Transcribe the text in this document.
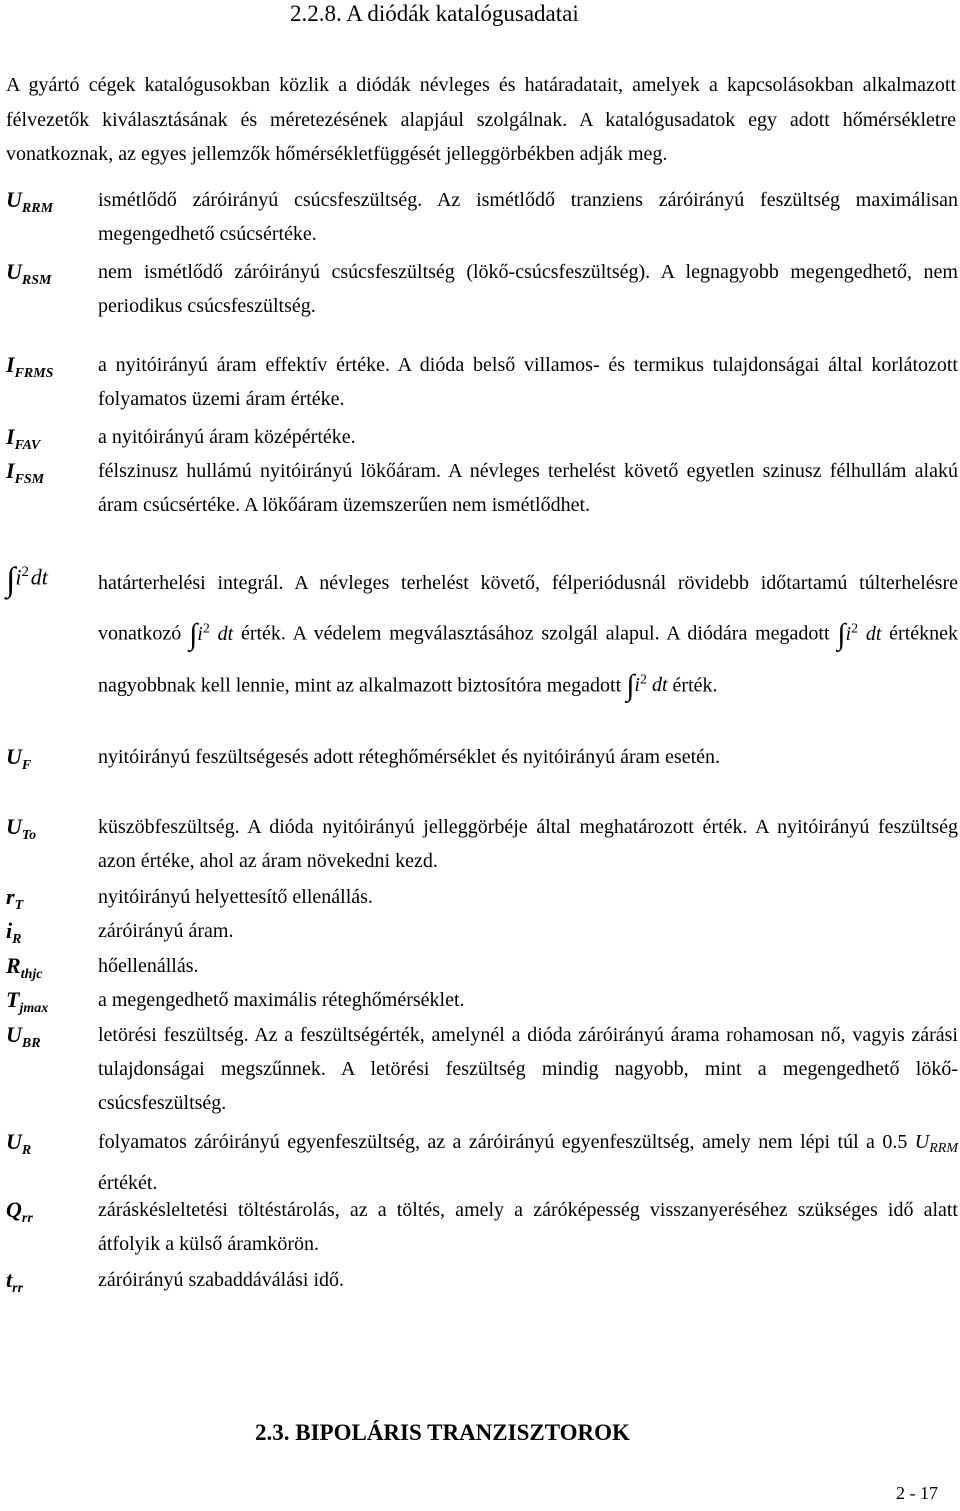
2.2.8. A diódák katalógusadatai

A gyártó cégek katalógusokban közlik a diódák névleges és határadatait, amelyek a kapcsolásokban alkalmazott félvezetők kiválasztásának és méretezésének alapjául szolgálnak. A katalógusadatok egy adott hőmérsékletre vonatkoznak, az egyes jellemzők hőmérsékletfüggését jelleggörbékben adják meg.

$U_{RRM}$ ismétlődő záróirányú csúcsfeszültség. Az ismétlődő tranziens záróirányú feszültség maximálisan megengedhető csúcsértéke.

$U_{RSM}$ nem ismétlődő záróirányú csúcsfeszültség (lökő-csúcsfeszültség). A legnagyobb megengedhető, nem periodikus csúcsfeszültség.

$I_{FRMS}$ a nyitóirányú áram effektív értéke. A dióda belső villamos- és termikus tulajdonságai által korlátozott folyamatos üzemi áram értéke.

$I_{FAV}$	a nyitóirányú áram középértéke.

$I_{FSM}$	félszinusz hullámú nyitóirányú lökőáram. A névleges terhelést követő egyetlen szinusz félhullám alakú áram csúcsértéke. A lökőáram üzemszerűen nem ismétlődhet.

$\int i^2$ dt	határterhelési integrál. A névleges terhelést követő, félperiódusnál rövidebb időtartamú túlterhelésre vonatkozó $\int i^2$ dt érték. A védelem megválasztásához szolgál alapul. A diódára megadott $\int i^2$ dt értéknek nagyobbnak kell lennie, mint az alkalmazott biztosítóra megadott $\int i^2$ dt érték.

$U_F$	nyitóirányú feszültségesés adott réteghőmérséklet és nyitóirányú áram esetén.

$U_{To}$	küszöbfeszültség. A dióda nyitóirányú jelleggörbéje által meghatározott érték. A nyitóirányú feszültség azon értéke, ahol az áram növekedni kezd.

$r_T$	nyitóirányú helyettesítő ellenállás.

$i_R$	záróirányú áram.

$R_{thjc}$	hőellenállás.

$T_{jmax}$ a megengedhető maximális réteghőmérséklet.

$U_{BR}$	letörési feszültség. Az a feszültségérték, amelynél a dióda záróirányú árama rohamosan nő, vagyis zárási tulajdonságai megszűnnek. A letörési feszültség mindig nagyobb, mint a megengedhető lökő-csúcsfeszültség.

$U_R$	folyamatos záróirányú egyenfeszültség, az a záróirányú egyenfeszültség, amely nem lépi túl a 0.5 $U_{RRM}$ értékét.

$Q_{rr}$	záráskésleltetési töltéstárolás, az a töltés, amely a záróképesség visszanyeréséhez szükséges idő alatt átfolyik a külső áramkörön.

$t_{rr}$	záróirányú szabaddáválási idő.

2.3. BIPOLÁRIS TRANZISZTOROK
2 - 17
